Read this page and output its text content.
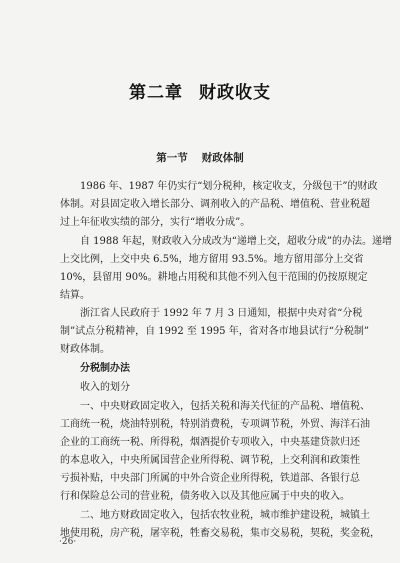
第二章 财政收支
第一节 财政体制
1986 年、1987 年仍实行“划分税种，核定收支，分级包干”的财政
体制。对县固定收入增长部分、调剂收入的产品税、增值税、营业税超
过上年征收实绩的部分，实行“增收分成”。
自 1988 年起，财政收入分成改为“递增上交，超收分成”的办法。递增
上交比例，上交中央 6.5%，地方留用 93.5%。地方留用部分上交省
10%，县留用 90%。耕地占用税和其他不列入包干范围的仍按原规定
结算。
浙江省人民政府于 1992 年 7 月 3 日通知，根据中央对省“分税
制”试点分税精神，自 1992 至 1995 年，省对各市地县试行“分税制”
财政体制。
分税制办法
收入的划分
一、中央财政固定收入，包括关税和海关代征的产品税、增值税、
工商统一税，烧油特别税，特别消费税，专项调节税，外贸、海洋石油
企业的工商统一税、所得税，烟酒提价专项收入，中央基建贷款归还
的本息收入，中央所属国营企业所得税、调节税，上交利润和政策性
亏损补贴，中央部门所属的中外合资企业所得税，铁道部、各银行总
行和保险总公司的营业税，债务收入以及其他应属于中央的收入。
二、地方财政固定收入，包括农牧业税，城市维护建设税，城镇土
地使用税，房产税，屠宰税，牲畜交易税，集市交易税，契税，奖金税，
·26·
